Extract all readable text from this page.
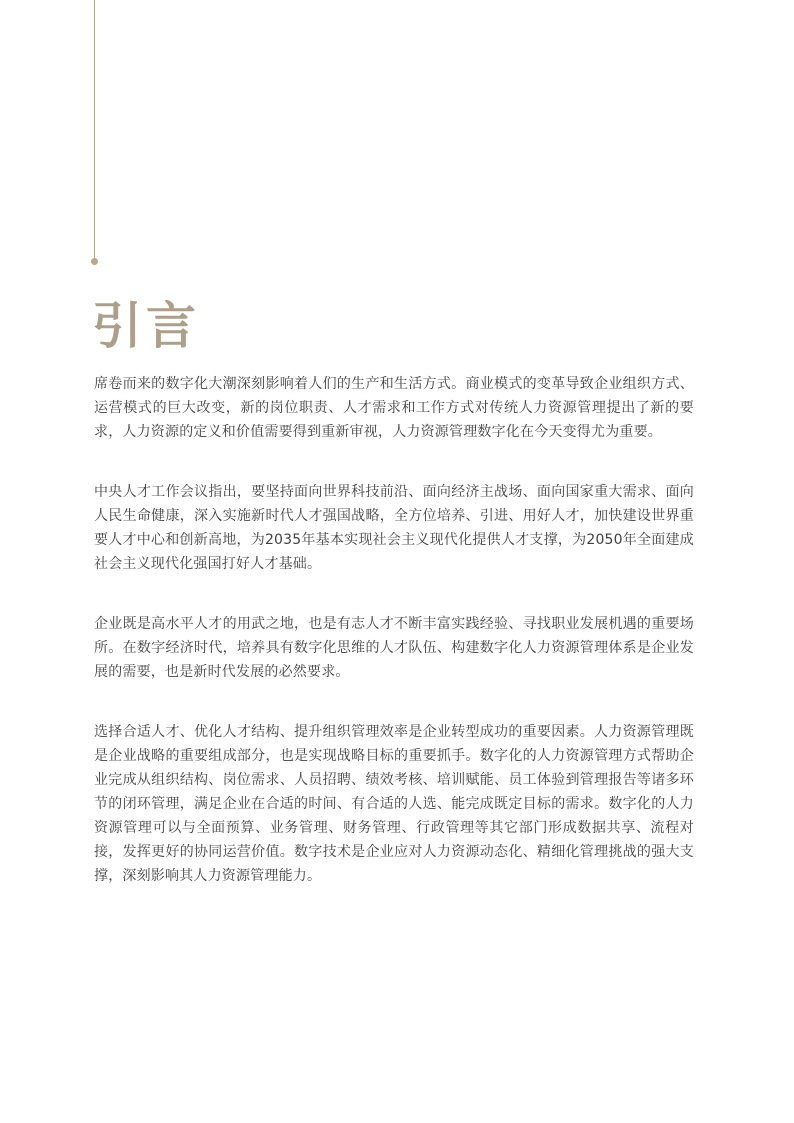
引言

席卷而来的数字化大潮深刻影响着人们的生产和生活方式。商业模式的变革导致企业组织方式、运营模式的巨大改变，新的岗位职责、人才需求和工作方式对传统人力资源管理提出了新的要求，人力资源的定义和价值需要得到重新审视，人力资源管理数字化在今天变得尤为重要。

中央人才工作会议指出，要坚持面向世界科技前沿、面向经济主战场、面向国家重大需求、面向人民生命健康，深入实施新时代人才强国战略，全方位培养、引进、用好人才，加快建设世界重要人才中心和创新高地，为2035年基本实现社会主义现代化提供人才支撑，为2050年全面建成社会主义现代化强国打好人才基础。

企业既是高水平人才的用武之地，也是有志人才不断丰富实践经验、寻找职业发展机遇的重要场所。在数字经济时代，培养具有数字化思维的人才队伍、构建数字化人力资源管理体系是企业发展的需要，也是新时代发展的必然要求。

选择合适人才、优化人才结构、提升组织管理效率是企业转型成功的重要因素。人力资源管理既是企业战略的重要组成部分，也是实现战略目标的重要抓手。数字化的人力资源管理方式帮助企业完成从组织结构、岗位需求、人员招聘、绩效考核、培训赋能、员工体验到管理报告等诸多环节的闭环管理，满足企业在合适的时间、有合适的人选、能完成既定目标的需求。数字化的人力资源管理可以与全面预算、业务管理、财务管理、行政管理等其它部门形成数据共享、流程对接，发挥更好的协同运营价值。数字技术是企业应对人力资源动态化、精细化管理挑战的强大支撑，深刻影响其人力资源管理能力。
